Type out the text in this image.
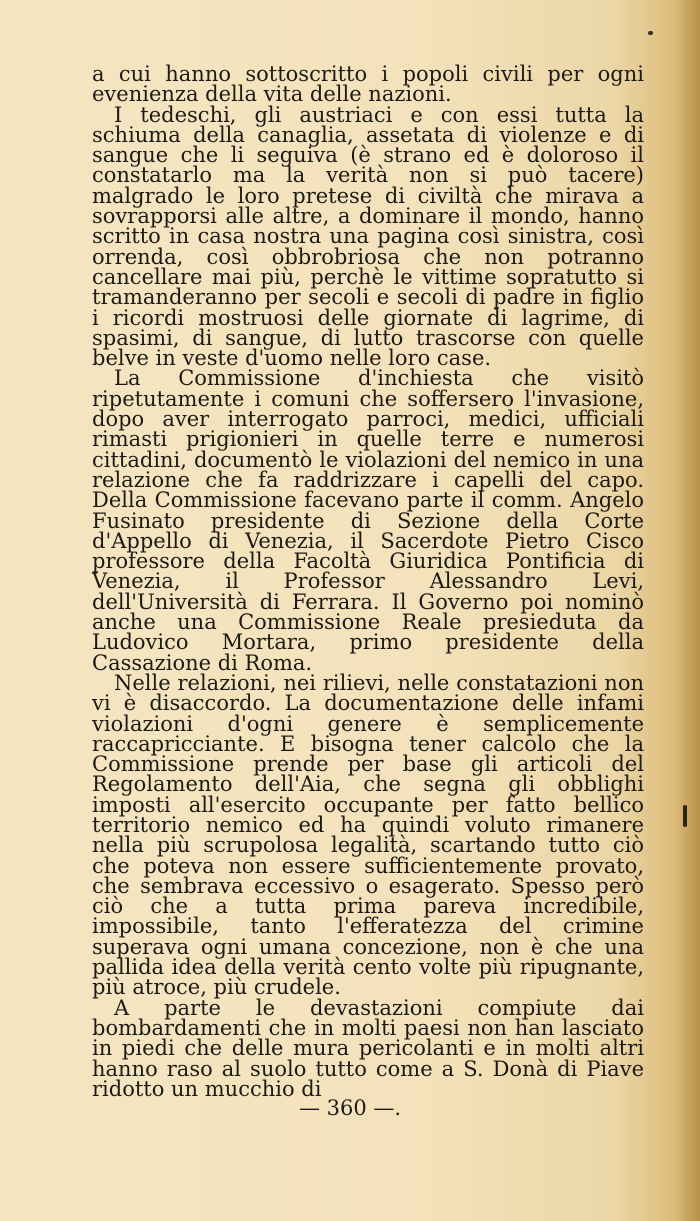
a cui hanno sottoscritto i popoli civili per ogni evenienza della vita delle nazioni.

I tedeschi, gli austriaci e con essi tutta la schiuma della canaglia, assetata di violenze e di sangue che li seguiva (è strano ed è doloroso il constatarlo ma la verità non si può tacere) malgrado le loro pretese di civiltà che mirava a sovrapporsi alle altre, a dominare il mondo, hanno scritto in casa nostra una pagina così sinistra, così orrenda, così obbrobriosa che non potranno cancellare mai più, perchè le vittime sopratutto si tramanderanno per secoli e secoli di padre in figlio i ricordi mostruosi delle giornate di lagrime, di spasimi, di sangue, di lutto trascorse con quelle belve in veste d'uomo nelle loro case.

La Commissione d'inchiesta che visitò ripetutamente i comuni che soffersero l'invasione, dopo aver interrogato parroci, medici, ufficiali rimasti prigionieri in quelle terre e numerosi cittadini, documentò le violazioni del nemico in una relazione che fa raddrizzare i capelli del capo. Della Commissione facevano parte il comm. Angelo Fusinato presidente di Sezione della Corte d'Appello di Venezia, il Sacerdote Pietro Cisco professore della Facoltà Giuridica Pontificia di Venezia, il Professor Alessandro Levi, dell'Università di Ferrara. Il Governo poi nominò anche una Commissione Reale presieduta da Ludovico Mortara, primo presidente della Cassazione di Roma.

Nelle relazioni, nei rilievi, nelle constatazioni non vi è disaccordo. La documentazione delle infami violazioni d'ogni genere è semplicemente raccapricciante. E bisogna tener calcolo che la Commissione prende per base gli articoli del Regolamento dell'Aia, che segna gli obblighi imposti all'esercito occupante per fatto bellico territorio nemico ed ha quindi voluto rimanere nella più scrupolosa legalità, scartando tutto ciò che poteva non essere sufficientemente provato, che sembrava eccessivo o esagerato. Spesso però ciò che a tutta prima pareva incredibile, impossibile, tanto l'efferatezza del crimine superava ogni umana concezione, non è che una pallida idea della verità cento volte più ripugnante, più atroce, più crudele.

A parte le devastazioni compiute dai bombardamenti che in molti paesi non han lasciato in piedi che delle mura pericolanti e in molti altri hanno raso al suolo tutto come a S. Donà di Piave ridotto un mucchio di

— 360 —.
